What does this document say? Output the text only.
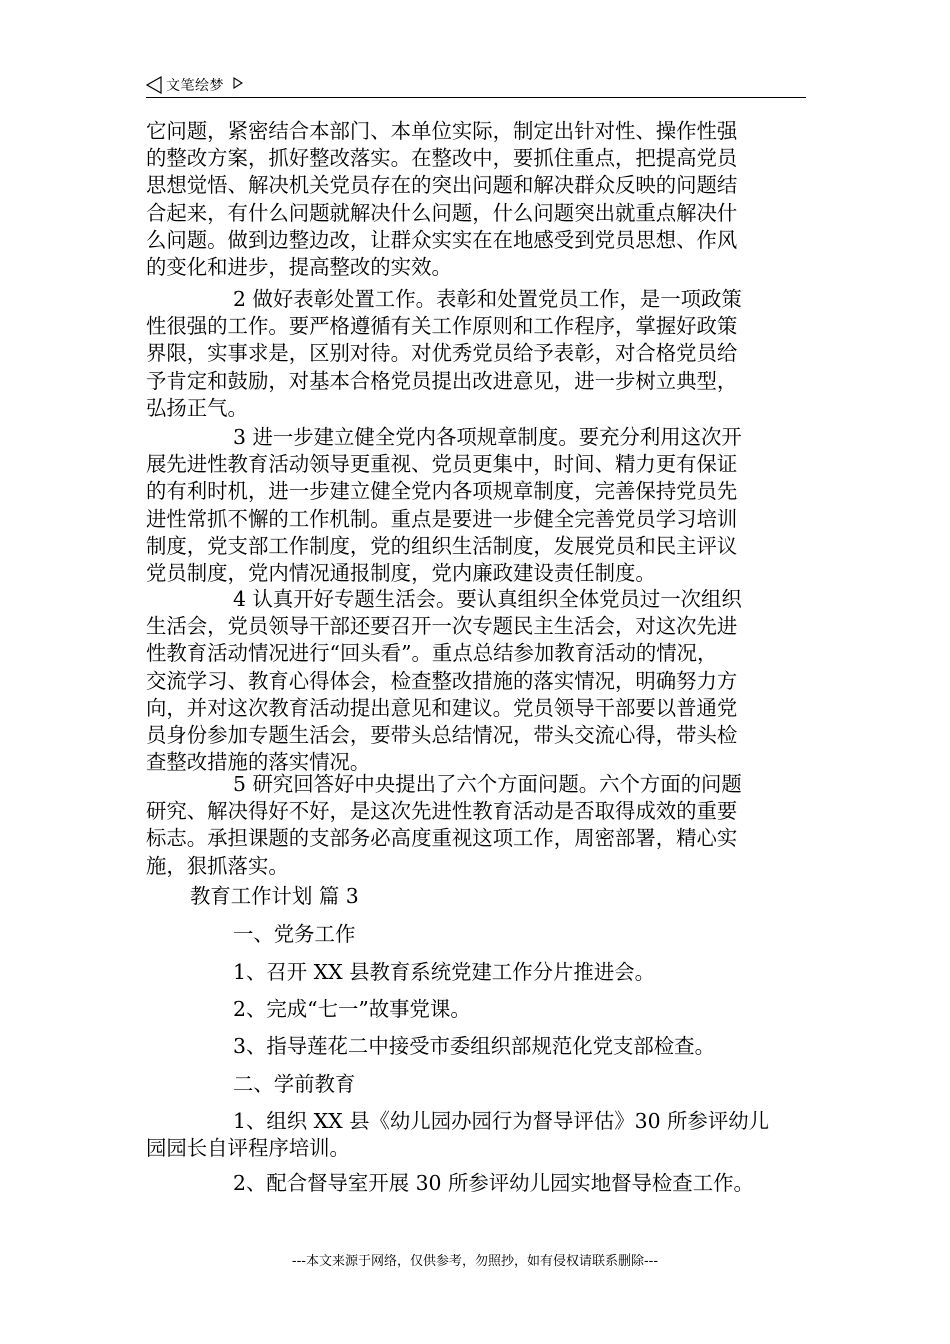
文笔绘梦
它问题，紧密结合本部门、本单位实际，制定出针对性、操作性强
的整改方案，抓好整改落实。在整改中，要抓住重点，把提高党员
思想觉悟、解决机关党员存在的突出问题和解决群众反映的问题结
合起来，有什么问题就解决什么问题，什么问题突出就重点解决什
么问题。做到边整边改，让群众实实在在地感受到党员思想、作风
的变化和进步，提高整改的实效。
2 做好表彰处置工作。表彰和处置党员工作，是一项政策
性很强的工作。要严格遵循有关工作原则和工作程序，掌握好政策
界限，实事求是，区别对待。对优秀党员给予表彰，对合格党员给
予肯定和鼓励，对基本合格党员提出改进意见，进一步树立典型，
弘扬正气。
3 进一步建立健全党内各项规章制度。要充分利用这次开
展先进性教育活动领导更重视、党员更集中，时间、精力更有保证
的有利时机，进一步建立健全党内各项规章制度，完善保持党员先
进性常抓不懈的工作机制。重点是要进一步健全完善党员学习培训
制度，党支部工作制度，党的组织生活制度，发展党员和民主评议
党员制度，党内情况通报制度，党内廉政建设责任制度。
4 认真开好专题生活会。要认真组织全体党员过一次组织
生活会，党员领导干部还要召开一次专题民主生活会，对这次先进
性教育活动情况进行“回头看”。重点总结参加教育活动的情况，
交流学习、教育心得体会，检查整改措施的落实情况，明确努力方
向，并对这次教育活动提出意见和建议。党员领导干部要以普通党
员身份参加专题生活会，要带头总结情况，带头交流心得，带头检
查整改措施的落实情况。
5 研究回答好中央提出了六个方面问题。六个方面的问题
研究、解决得好不好，是这次先进性教育活动是否取得成效的重要
标志。承担课题的支部务必高度重视这项工作，周密部署，精心实
施，狠抓落实。
教育工作计划 篇 3
一、党务工作
1、召开 XX 县教育系统党建工作分片推进会。
2、完成“七一”故事党课。
3、指导莲花二中接受市委组织部规范化党支部检查。
二、学前教育
1、组织 XX 县《幼儿园办园行为督导评估》30 所参评幼儿
园园长自评程序培训。
2、配合督导室开展 30 所参评幼儿园实地督导检查工作。
---本文来源于网络，仅供参考，勿照抄，如有侵权请联系删除---
